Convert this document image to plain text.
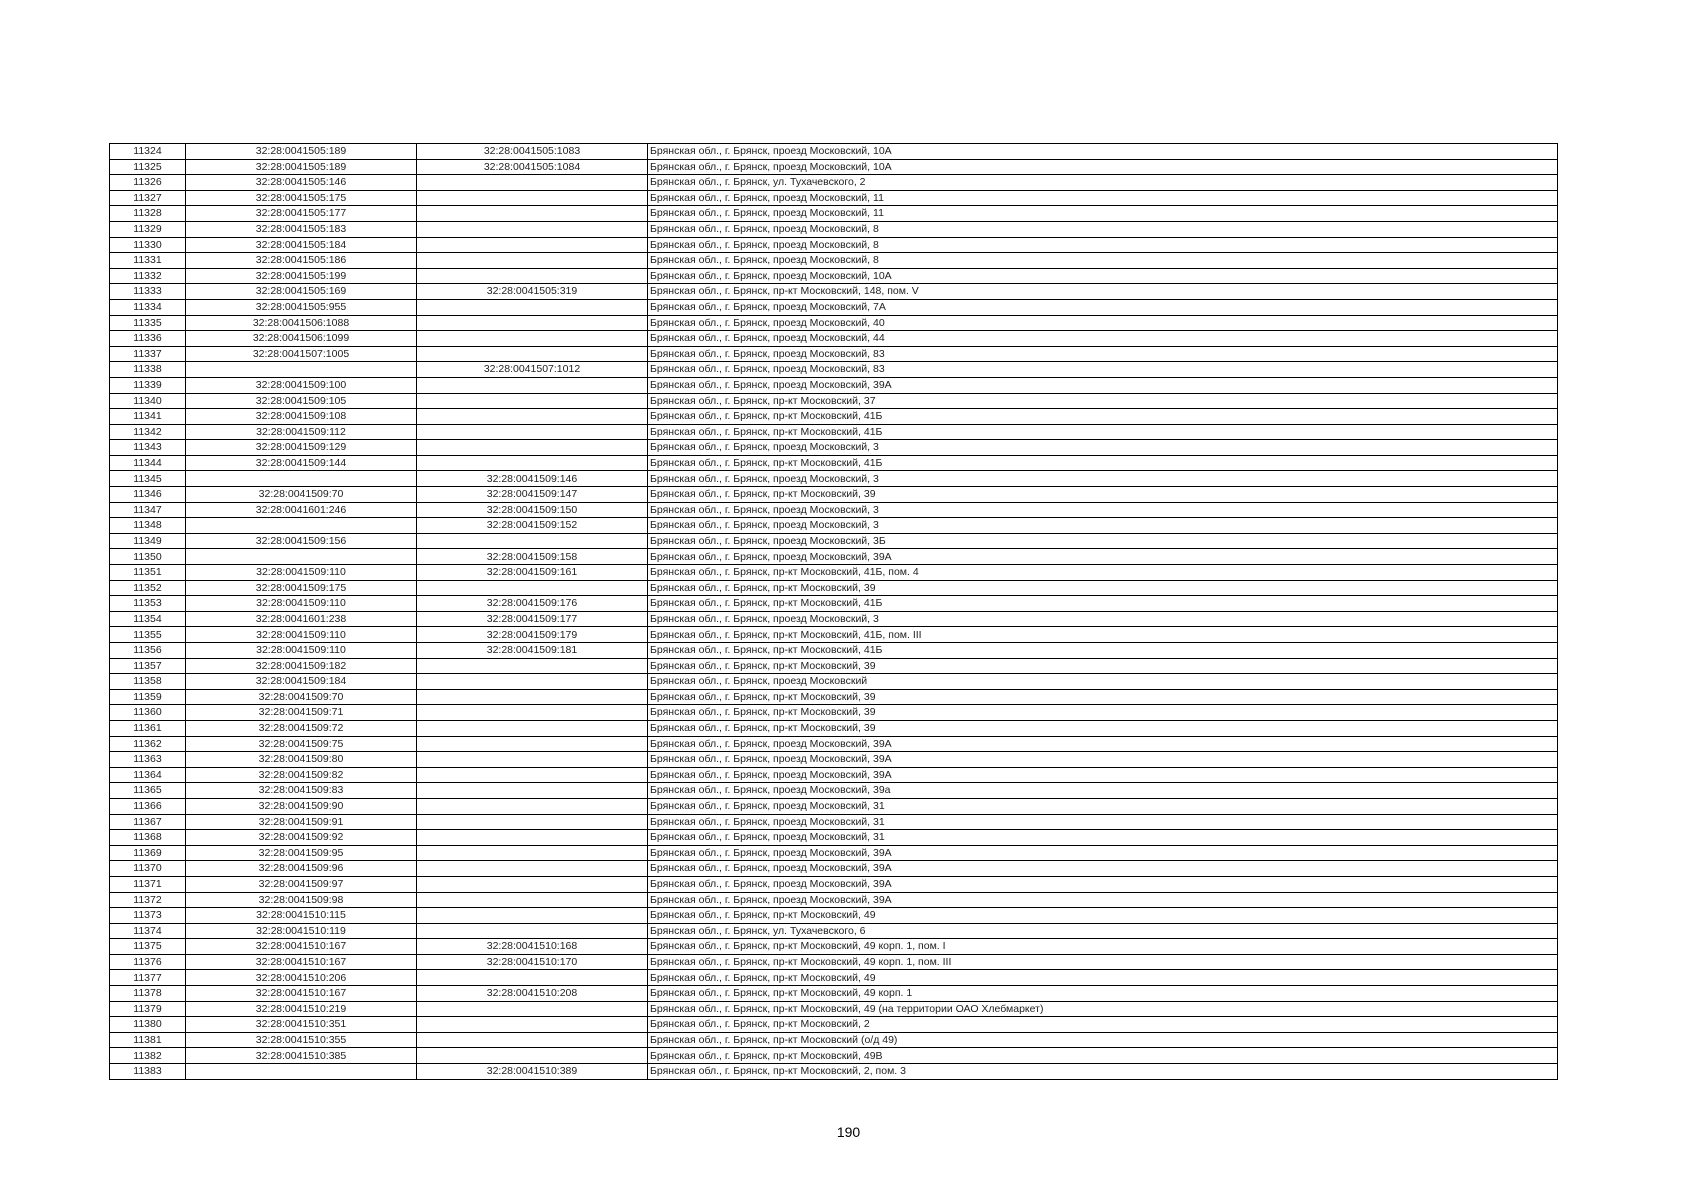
11324	32:28:0041505:189	32:28:0041505:1083	Брянская обл., г. Брянск, проезд Московский, 10А
11325	32:28:0041505:189	32:28:0041505:1084	Брянская обл., г. Брянск, проезд Московский, 10А
11326	32:28:0041505:146		Брянская обл., г. Брянск, ул. Тухачевского, 2
11327	32:28:0041505:175		Брянская обл., г. Брянск, проезд Московский, 11
11328	32:28:0041505:177		Брянская обл., г. Брянск, проезд Московский, 11
11329	32:28:0041505:183		Брянская обл., г. Брянск, проезд Московский, 8
11330	32:28:0041505:184		Брянская обл., г. Брянск, проезд Московский, 8
11331	32:28:0041505:186		Брянская обл., г. Брянск, проезд Московский, 8
11332	32:28:0041505:199		Брянская обл., г. Брянск, проезд Московский, 10А
11333	32:28:0041505:169	32:28:0041505:319	Брянская обл., г. Брянск, пр-кт Московский, 148, пом. V
11334	32:28:0041505:955		Брянская обл., г. Брянск, проезд Московский, 7А
11335	32:28:0041506:1088		Брянская обл., г. Брянск, проезд Московский, 40
11336	32:28:0041506:1099		Брянская обл., г. Брянск, проезд Московский, 44
11337	32:28:0041507:1005		Брянская обл., г. Брянск, проезд Московский, 83
11338		32:28:0041507:1012	Брянская обл., г. Брянск, проезд Московский, 83
11339	32:28:0041509:100		Брянская обл., г. Брянск, проезд Московский, 39А
11340	32:28:0041509:105		Брянская обл., г. Брянск, пр-кт Московский, 37
11341	32:28:0041509:108		Брянская обл., г. Брянск, пр-кт Московский, 41Б
11342	32:28:0041509:112		Брянская обл., г. Брянск, пр-кт Московский, 41Б
11343	32:28:0041509:129		Брянская обл., г. Брянск, проезд Московский, 3
11344	32:28:0041509:144		Брянская обл., г. Брянск, пр-кт Московский, 41Б
11345		32:28:0041509:146	Брянская обл., г. Брянск, проезд Московский, 3
11346	32:28:0041509:70	32:28:0041509:147	Брянская обл., г. Брянск, пр-кт Московский, 39
11347	32:28:0041601:246	32:28:0041509:150	Брянская обл., г. Брянск, проезд Московский, 3
11348		32:28:0041509:152	Брянская обл., г. Брянск, проезд Московский, 3
11349	32:28:0041509:156		Брянская обл., г. Брянск, проезд Московский, 3Б
11350		32:28:0041509:158	Брянская обл., г. Брянск, проезд Московский, 39А
11351	32:28:0041509:110	32:28:0041509:161	Брянская обл., г. Брянск, пр-кт Московский, 41Б, пом. 4
11352	32:28:0041509:175		Брянская обл., г. Брянск, пр-кт Московский, 39
11353	32:28:0041509:110	32:28:0041509:176	Брянская обл., г. Брянск, пр-кт Московский, 41Б
11354	32:28:0041601:238	32:28:0041509:177	Брянская обл., г. Брянск, проезд Московский, 3
11355	32:28:0041509:110	32:28:0041509:179	Брянская обл., г. Брянск, пр-кт Московский, 41Б, пом. III
11356	32:28:0041509:110	32:28:0041509:181	Брянская обл., г. Брянск, пр-кт Московский, 41Б
11357	32:28:0041509:182		Брянская обл., г. Брянск, пр-кт Московский, 39
11358	32:28:0041509:184		Брянская обл., г. Брянск, проезд Московский
11359	32:28:0041509:70		Брянская обл., г. Брянск, пр-кт Московский, 39
11360	32:28:0041509:71		Брянская обл., г. Брянск, пр-кт Московский, 39
11361	32:28:0041509:72		Брянская обл., г. Брянск, пр-кт Московский, 39
11362	32:28:0041509:75		Брянская обл., г. Брянск, проезд Московский, 39А
11363	32:28:0041509:80		Брянская обл., г. Брянск, проезд Московский, 39А
11364	32:28:0041509:82		Брянская обл., г. Брянск, проезд Московский, 39А
11365	32:28:0041509:83		Брянская обл., г. Брянск, проезд Московский, 39а
11366	32:28:0041509:90		Брянская обл., г. Брянск, проезд Московский, 31
11367	32:28:0041509:91		Брянская обл., г. Брянск, проезд Московский, 31
11368	32:28:0041509:92		Брянская обл., г. Брянск, проезд Московский, 31
11369	32:28:0041509:95		Брянская обл., г. Брянск, проезд Московский, 39А
11370	32:28:0041509:96		Брянская обл., г. Брянск, проезд Московский, 39А
11371	32:28:0041509:97		Брянская обл., г. Брянск, проезд Московский, 39А
11372	32:28:0041509:98		Брянская обл., г. Брянск, проезд Московский, 39А
11373	32:28:0041510:115		Брянская обл., г. Брянск, пр-кт Московский, 49
11374	32:28:0041510:119		Брянская обл., г. Брянск, ул. Тухачевского, 6
11375	32:28:0041510:167	32:28:0041510:168	Брянская обл., г. Брянск, пр-кт Московский, 49 корп. 1, пом. I
11376	32:28:0041510:167	32:28:0041510:170	Брянская обл., г. Брянск, пр-кт Московский, 49 корп. 1, пом. III
11377	32:28:0041510:206		Брянская обл., г. Брянск, пр-кт Московский, 49
11378	32:28:0041510:167	32:28:0041510:208	Брянская обл., г. Брянск, пр-кт Московский, 49 корп. 1
11379	32:28:0041510:219		Брянская обл., г. Брянск, пр-кт Московский, 49 (на территории ОАО Хлебмаркет)
11380	32:28:0041510:351		Брянская обл., г. Брянск, пр-кт Московский, 2
11381	32:28:0041510:355		Брянская обл., г. Брянск, пр-кт Московский (о/д 49)
11382	32:28:0041510:385		Брянская обл., г. Брянск, пр-кт Московский, 49В
11383		32:28:0041510:389	Брянская обл., г. Брянск, пр-кт Московский, 2, пом. 3
190
